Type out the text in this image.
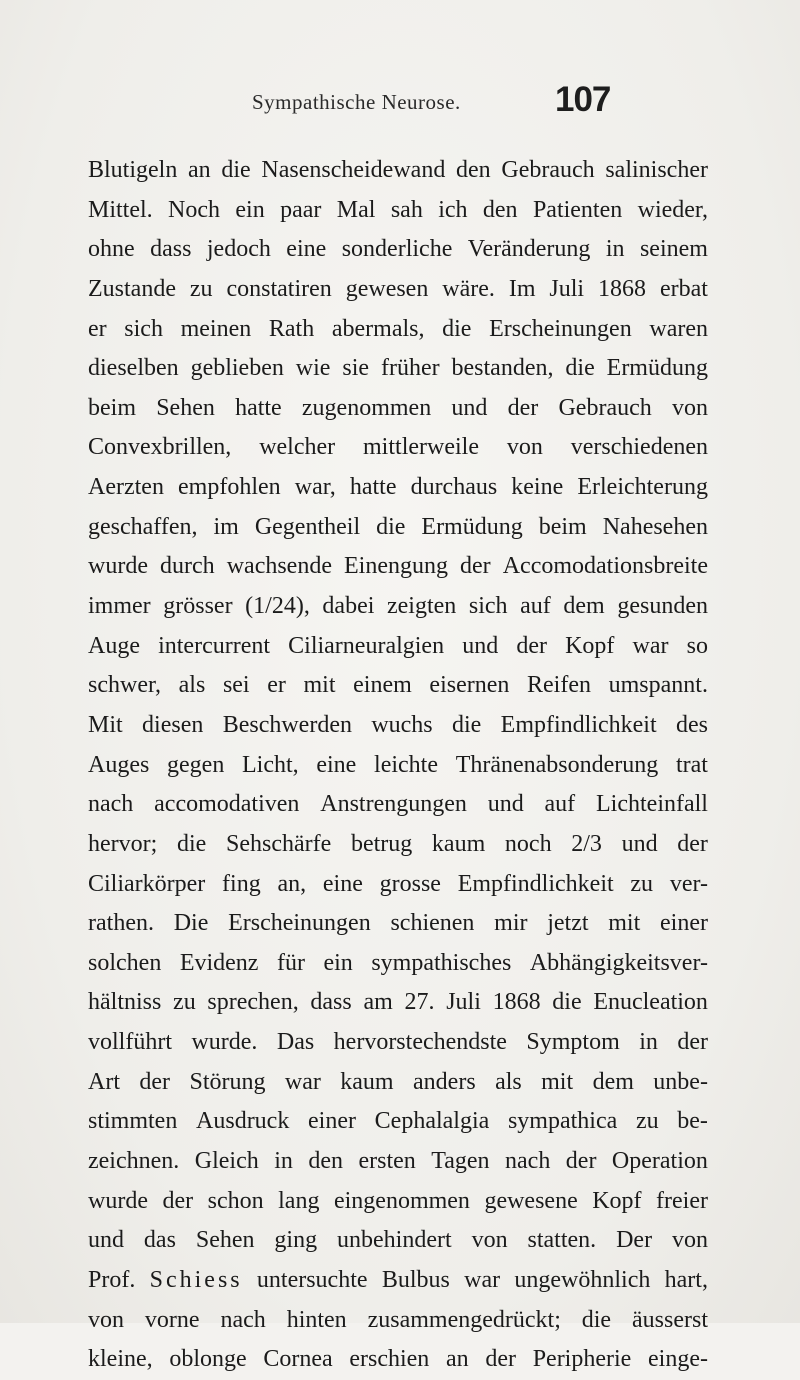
Sympathische Neurose.	107
Blutigeln an die Nasenscheidewand den Gebrauch salinischer
Mittel. Noch ein paar Mal sah ich den Patienten wieder,
ohne dass jedoch eine sonderliche Veränderung in seinem
Zustande zu constatiren gewesen wäre. Im Juli 1868 erbat
er sich meinen Rath abermals, die Erscheinungen waren
dieselben geblieben wie sie früher bestanden, die Ermüdung
beim Sehen hatte zugenommen und der Gebrauch von
Convexbrillen, welcher mittlerweile von verschiedenen
Aerzten empfohlen war, hatte durchaus keine Erleichterung
geschaffen, im Gegentheil die Ermüdung beim Nahesehen
wurde durch wachsende Einengung der Accomodationsbreite
immer grösser (1/24), dabei zeigten sich auf dem gesunden
Auge intercurrent Ciliarneuralgien und der Kopf war so
schwer, als sei er mit einem eisernen Reifen umspannt.
Mit diesen Beschwerden wuchs die Empfindlichkeit des
Auges gegen Licht, eine leichte Thränenabsonderung trat
nach accomodativen Anstrengungen und auf Lichteinfall
hervor; die Sehschärfe betrug kaum noch 2/3 und der
Ciliarkörper fing an, eine grosse Empfindlichkeit zu ver-
rathen. Die Erscheinungen schienen mir jetzt mit einer
solchen Evidenz für ein sympathisches Abhängigkeitsver-
hältniss zu sprechen, dass am 27. Juli 1868 die Enucleation
vollführt wurde. Das hervorstechendste Symptom in der
Art der Störung war kaum anders als mit dem unbe-
stimmten Ausdruck einer Cephalalgia sympathica zu be-
zeichnen. Gleich in den ersten Tagen nach der Operation
wurde der schon lang eingenommen gewesene Kopf freier
und das Sehen ging unbehindert von statten. Der von
Prof. Schiess untersuchte Bulbus war ungewöhnlich hart,
von vorne nach hinten zusammengedrückt; die äusserst
kleine, oblonge Cornea erschien an der Peripherie einge-
